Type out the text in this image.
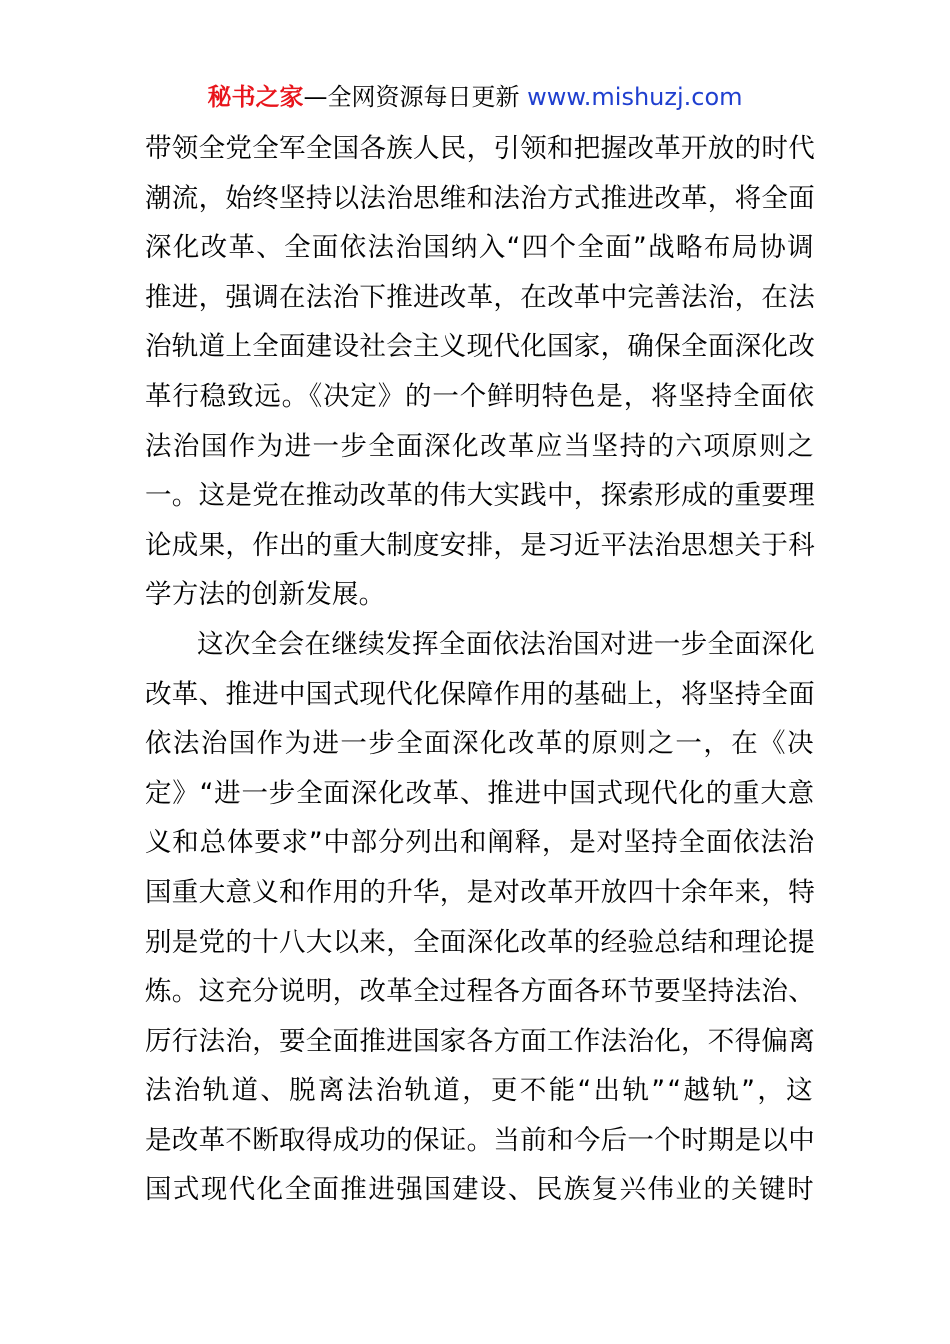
秘书之家—全网资源每日更新 www.mishuzj.com
带领全党全军全国各族人民，引领和把握改革开放的时代
潮流，始终坚持以法治思维和法治方式推进改革，将全面
深化改革、全面依法治国纳入“四个全面”战略布局协调
推进，强调在法治下推进改革，在改革中完善法治，在法
治轨道上全面建设社会主义现代化国家，确保全面深化改
革行稳致远。《决定》的一个鲜明特色是，将坚持全面依
法治国作为进一步全面深化改革应当坚持的六项原则之
一。这是党在推动改革的伟大实践中，探索形成的重要理
论成果，作出的重大制度安排，是习近平法治思想关于科
学方法的创新发展。
这次全会在继续发挥全面依法治国对进一步全面深化
改革、推进中国式现代化保障作用的基础上，将坚持全面
依法治国作为进一步全面深化改革的原则之一，在《决
定》“进一步全面深化改革、推进中国式现代化的重大意
义和总体要求”中部分列出和阐释，是对坚持全面依法治
国重大意义和作用的升华，是对改革开放四十余年来，特
别是党的十八大以来，全面深化改革的经验总结和理论提
炼。这充分说明，改革全过程各方面各环节要坚持法治、
厉行法治，要全面推进国家各方面工作法治化，不得偏离
法治轨道、脱离法治轨道，更不能“出轨”“越轨”，这
是改革不断取得成功的保证。当前和今后一个时期是以中
国式现代化全面推进强国建设、民族复兴伟业的关键时
